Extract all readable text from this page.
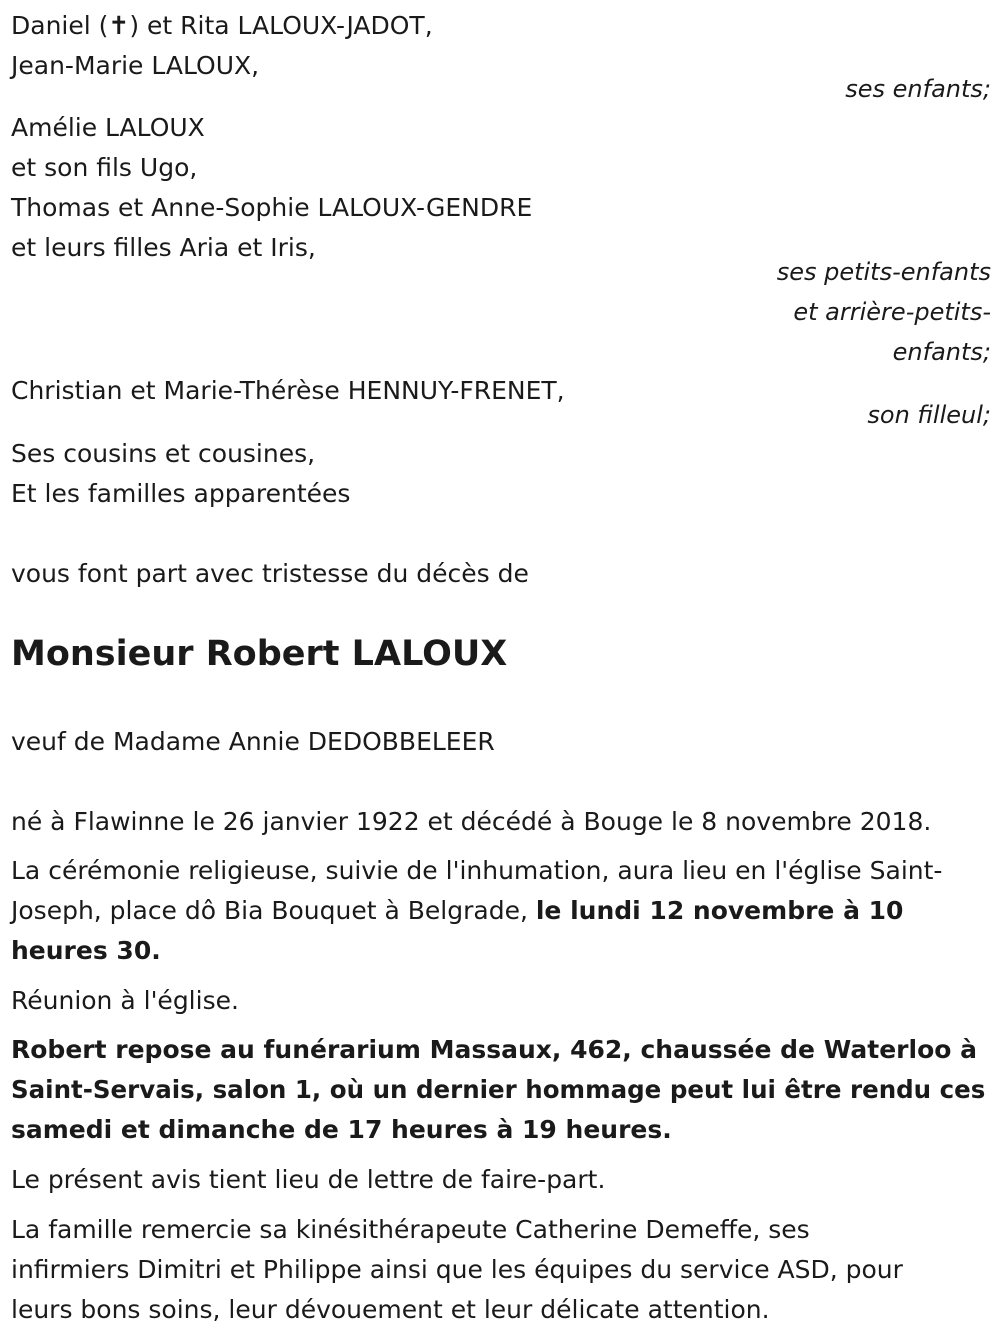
Daniel (✝) et Rita LALOUX-JADOT,
Jean-Marie LALOUX,
ses enfants;
Amélie LALOUX
et son fils Ugo,
Thomas et Anne-Sophie LALOUX-GENDRE
et leurs filles Aria et Iris,
ses petits-enfants
et arrière-petits-
enfants;
Christian et Marie-Thérèse HENNUY-FRENET,
son filleul;
Ses cousins et cousines,
Et les familles apparentées
vous font part avec tristesse du décès de
Monsieur Robert LALOUX
veuf de Madame Annie DEDOBBELEER
né à Flawinne le 26 janvier 1922 et décédé à Bouge le 8 novembre 2018.
La cérémonie religieuse, suivie de l'inhumation, aura lieu en l'église Saint-
Joseph, place dô Bia Bouquet à Belgrade, le lundi 12 novembre à 10
heures 30.
Réunion à l'église.
Robert repose au funérarium Massaux, 462, chaussée de Waterloo à
Saint-Servais, salon 1, où un dernier hommage peut lui être rendu ces
samedi et dimanche de 17 heures à 19 heures.
Le présent avis tient lieu de lettre de faire-part.
La famille remercie sa kinésithérapeute Catherine Demeffe, ses
infirmiers Dimitri et Philippe ainsi que les équipes du service ASD, pour
leurs bons soins, leur dévouement et leur délicate attention.
